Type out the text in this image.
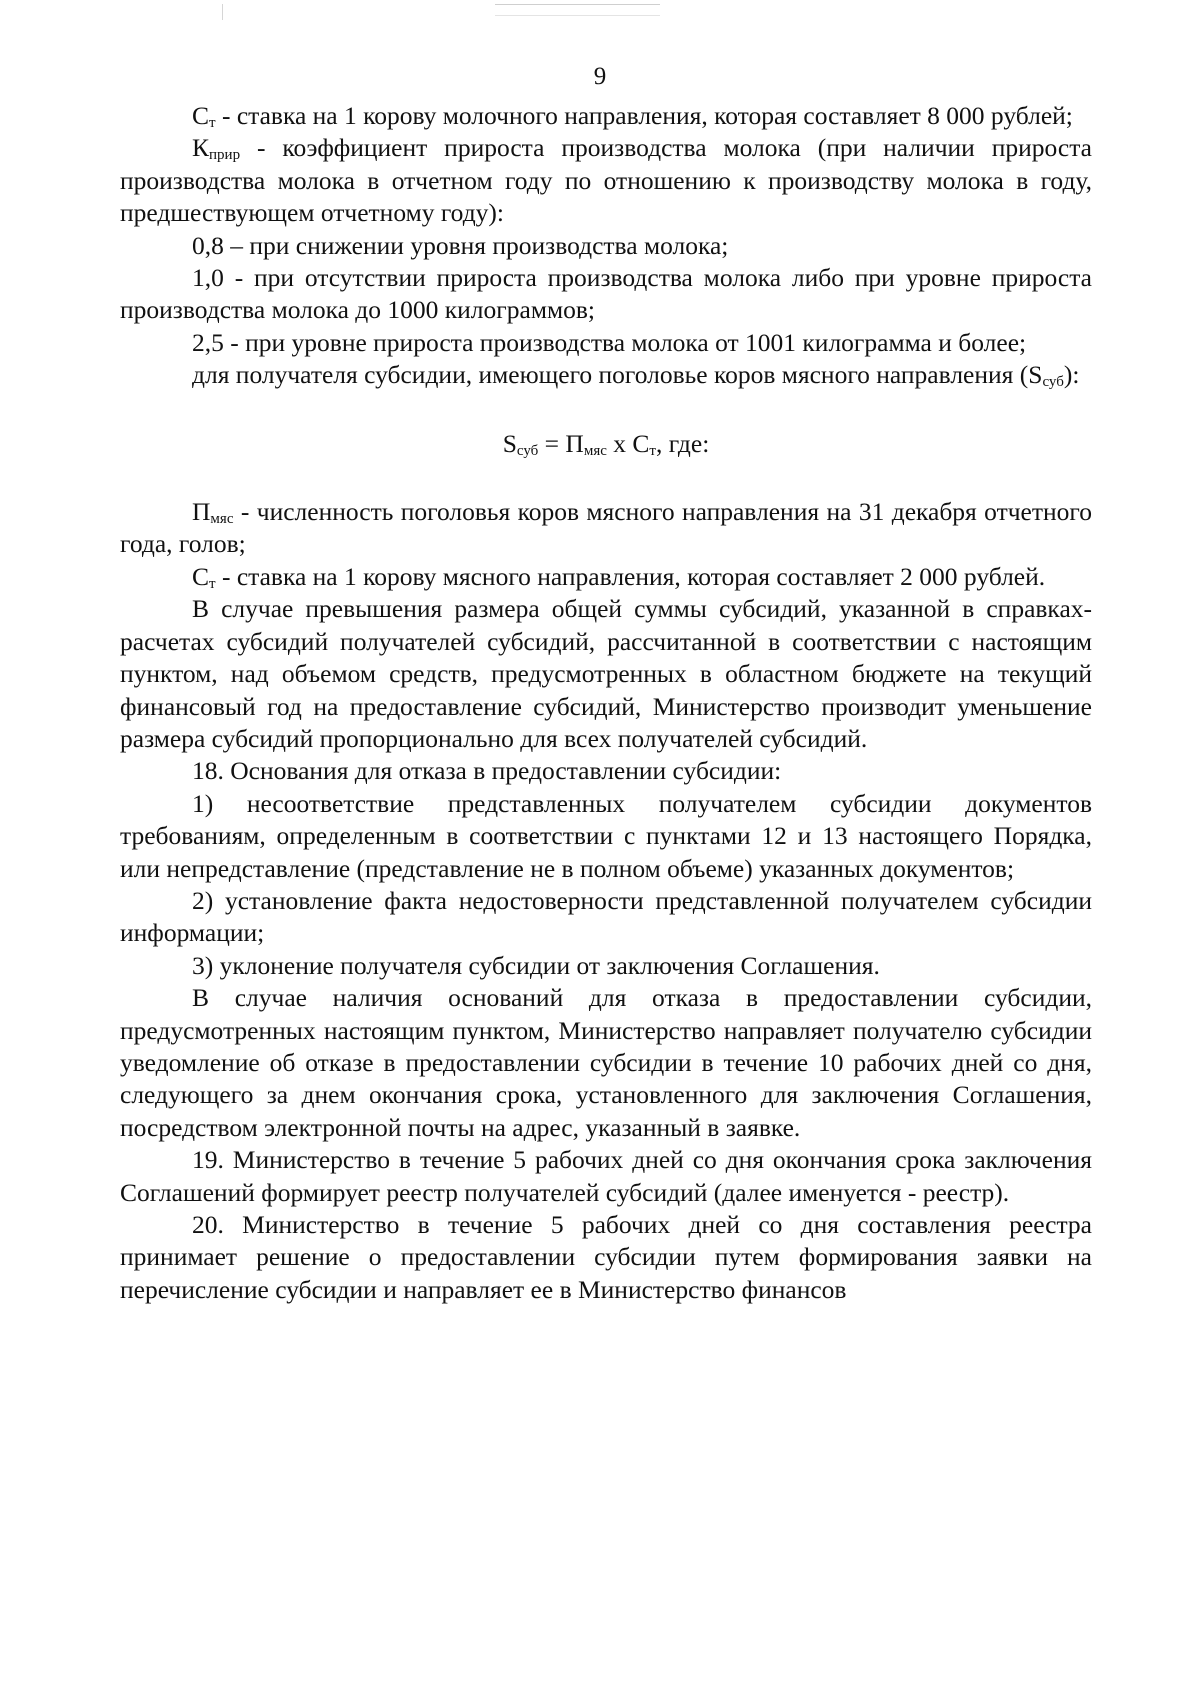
9

$С_т$ - ставка на 1 корову молочного направления, которая составляет 8 000 рублей;

$К_{прир}$ - коэффициент прироста производства молока (при наличии прироста производства молока в отчетном году по отношению к производству молока в году, предшествующем отчетному году):

0,8 – при снижении уровня производства молока;

1,0 - при отсутствии прироста производства молока либо при уровне прироста производства молока до 1000 килограммов;

2,5 - при уровне прироста производства молока от 1001 килограмма и более;

для получателя субсидии, имеющего поголовье коров мясного направления $(S_{суб})$:

$S_{суб} = П_{мяс}$ х $С_т$, где:

$П_{мяс}$ - численность поголовья коров мясного направления на 31 декабря отчетного года, голов;

$С_т$ - ставка на 1 корову мясного направления, которая составляет 2 000 рублей.

В случае превышения размера общей суммы субсидий, указанной в справках-расчетах субсидий получателей субсидий, рассчитанной в соответствии с настоящим пунктом, над объемом средств, предусмотренных в областном бюджете на текущий финансовый год на предоставление субсидий, Министерство производит уменьшение размера субсидий пропорционально для всех получателей субсидий.

18. Основания для отказа в предоставлении субсидии:

1) несоответствие представленных получателем субсидии документов требованиям, определенным в соответствии с пунктами 12 и 13 настоящего Порядка, или непредставление (представление не в полном объеме) указанных документов;

2) установление факта недостоверности представленной получателем субсидии информации;

3) уклонение получателя субсидии от заключения Соглашения.

В случае наличия оснований для отказа в предоставлении субсидии, предусмотренных настоящим пунктом, Министерство направляет получателю субсидии уведомление об отказе в предоставлении субсидии в течение 10 рабочих дней со дня, следующего за днем окончания срока, установленного для заключения Соглашения, посредством электронной почты на адрес, указанный в заявке.

19. Министерство в течение 5 рабочих дней со дня окончания срока заключения Соглашений формирует реестр получателей субсидий (далее именуется - реестр).

20. Министерство в течение 5 рабочих дней со дня составления реестра принимает решение о предоставлении субсидии путем формирования заявки на перечисление субсидии и направляет ее в Министерство финансов
